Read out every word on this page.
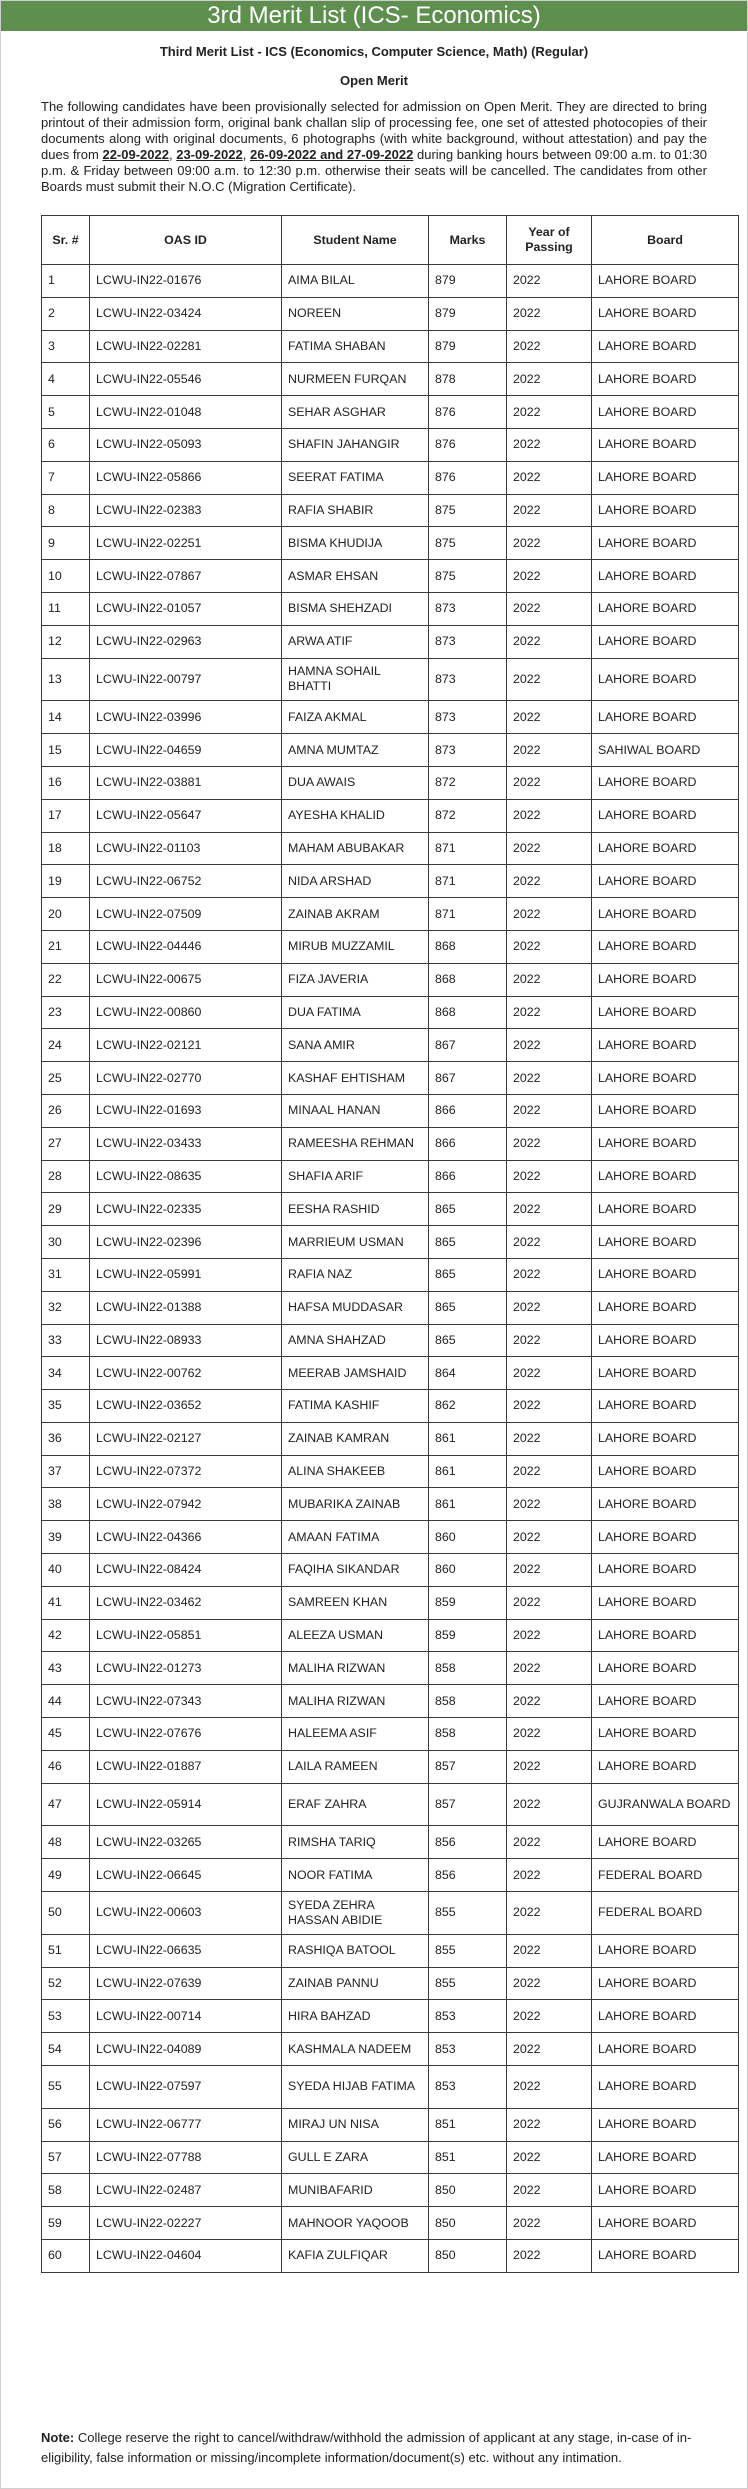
3rd Merit List (ICS- Economics)
Third Merit List - ICS (Economics, Computer Science, Math) (Regular)
Open Merit
The following candidates have been provisionally selected for admission on Open Merit. They are directed to bring printout of their admission form, original bank challan slip of processing fee, one set of attested photocopies of their documents along with original documents, 6 photographs (with white background, without attestation) and pay the dues from 22-09-2022, 23-09-2022, 26-09-2022 and 27-09-2022 during banking hours between 09:00 a.m. to 01:30 p.m. & Friday between 09:00 a.m. to 12:30 p.m. otherwise their seats will be cancelled. The candidates from other Boards must submit their N.O.C (Migration Certificate).
Sr. #	OAS ID	Student Name	Marks	Year of Passing	Board
1	LCWU-IN22-01676	AIMA BILAL	879	2022	LAHORE BOARD
2	LCWU-IN22-03424	NOREEN	879	2022	LAHORE BOARD
3	LCWU-IN22-02281	FATIMA SHABAN	879	2022	LAHORE BOARD
4	LCWU-IN22-05546	NURMEEN FURQAN	878	2022	LAHORE BOARD
5	LCWU-IN22-01048	SEHAR ASGHAR	876	2022	LAHORE BOARD
6	LCWU-IN22-05093	SHAFIN JAHANGIR	876	2022	LAHORE BOARD
7	LCWU-IN22-05866	SEERAT FATIMA	876	2022	LAHORE BOARD
8	LCWU-IN22-02383	RAFIA SHABIR	875	2022	LAHORE BOARD
9	LCWU-IN22-02251	BISMA KHUDIJA	875	2022	LAHORE BOARD
10	LCWU-IN22-07867	ASMAR EHSAN	875	2022	LAHORE BOARD
11	LCWU-IN22-01057	BISMA SHEHZADI	873	2022	LAHORE BOARD
12	LCWU-IN22-02963	ARWA ATIF	873	2022	LAHORE BOARD
13	LCWU-IN22-00797	HAMNA SOHAIL BHATTI	873	2022	LAHORE BOARD
14	LCWU-IN22-03996	FAIZA AKMAL	873	2022	LAHORE BOARD
15	LCWU-IN22-04659	AMNA MUMTAZ	873	2022	SAHIWAL BOARD
16	LCWU-IN22-03881	DUA AWAIS	872	2022	LAHORE BOARD
17	LCWU-IN22-05647	AYESHA KHALID	872	2022	LAHORE BOARD
18	LCWU-IN22-01103	MAHAM ABUBAKAR	871	2022	LAHORE BOARD
19	LCWU-IN22-06752	NIDA ARSHAD	871	2022	LAHORE BOARD
20	LCWU-IN22-07509	ZAINAB AKRAM	871	2022	LAHORE BOARD
21	LCWU-IN22-04446	MIRUB MUZZAMIL	868	2022	LAHORE BOARD
22	LCWU-IN22-00675	FIZA JAVERIA	868	2022	LAHORE BOARD
23	LCWU-IN22-00860	DUA FATIMA	868	2022	LAHORE BOARD
24	LCWU-IN22-02121	SANA AMIR	867	2022	LAHORE BOARD
25	LCWU-IN22-02770	KASHAF EHTISHAM	867	2022	LAHORE BOARD
26	LCWU-IN22-01693	MINAAL HANAN	866	2022	LAHORE BOARD
27	LCWU-IN22-03433	RAMEESHA REHMAN	866	2022	LAHORE BOARD
28	LCWU-IN22-08635	SHAFIA ARIF	866	2022	LAHORE BOARD
29	LCWU-IN22-02335	EESHA RASHID	865	2022	LAHORE BOARD
30	LCWU-IN22-02396	MARRIEUM USMAN	865	2022	LAHORE BOARD
31	LCWU-IN22-05991	RAFIA NAZ	865	2022	LAHORE BOARD
32	LCWU-IN22-01388	HAFSA MUDDASAR	865	2022	LAHORE BOARD
33	LCWU-IN22-08933	AMNA SHAHZAD	865	2022	LAHORE BOARD
34	LCWU-IN22-00762	MEERAB JAMSHAID	864	2022	LAHORE BOARD
35	LCWU-IN22-03652	FATIMA KASHIF	862	2022	LAHORE BOARD
36	LCWU-IN22-02127	ZAINAB KAMRAN	861	2022	LAHORE BOARD
37	LCWU-IN22-07372	ALINA SHAKEEB	861	2022	LAHORE BOARD
38	LCWU-IN22-07942	MUBARIKA ZAINAB	861	2022	LAHORE BOARD
39	LCWU-IN22-04366	AMAAN FATIMA	860	2022	LAHORE BOARD
40	LCWU-IN22-08424	FAQIHA SIKANDAR	860	2022	LAHORE BOARD
41	LCWU-IN22-03462	SAMREEN KHAN	859	2022	LAHORE BOARD
42	LCWU-IN22-05851	ALEEZA USMAN	859	2022	LAHORE BOARD
43	LCWU-IN22-01273	MALIHA RIZWAN	858	2022	LAHORE BOARD
44	LCWU-IN22-07343	MALIHA RIZWAN	858	2022	LAHORE BOARD
45	LCWU-IN22-07676	HALEEMA ASIF	858	2022	LAHORE BOARD
46	LCWU-IN22-01887	LAILA RAMEEN	857	2022	LAHORE BOARD
47	LCWU-IN22-05914	ERAF ZAHRA	857	2022	GUJRANWALA BOARD
48	LCWU-IN22-03265	RIMSHA TARIQ	856	2022	LAHORE BOARD
49	LCWU-IN22-06645	NOOR FATIMA	856	2022	FEDERAL BOARD
50	LCWU-IN22-00603	SYEDA ZEHRA HASSAN ABIDIE	855	2022	FEDERAL BOARD
51	LCWU-IN22-06635	RASHIQA BATOOL	855	2022	LAHORE BOARD
52	LCWU-IN22-07639	ZAINAB PANNU	855	2022	LAHORE BOARD
53	LCWU-IN22-00714	HIRA BAHZAD	853	2022	LAHORE BOARD
54	LCWU-IN22-04089	KASHMALA NADEEM	853	2022	LAHORE BOARD
55	LCWU-IN22-07597	SYEDA HIJAB FATIMA	853	2022	LAHORE BOARD
56	LCWU-IN22-06777	MIRAJ UN NISA	851	2022	LAHORE BOARD
57	LCWU-IN22-07788	GULL E ZARA	851	2022	LAHORE BOARD
58	LCWU-IN22-02487	MUNIBAFARID	850	2022	LAHORE BOARD
59	LCWU-IN22-02227	MAHNOOR YAQOOB	850	2022	LAHORE BOARD
60	LCWU-IN22-04604	KAFIA ZULFIQAR	850	2022	LAHORE BOARD
Note: College reserve the right to cancel/withdraw/withhold the admission of applicant at any stage, in-case of in-eligibility, false information or missing/incomplete information/document(s) etc. without any intimation.
